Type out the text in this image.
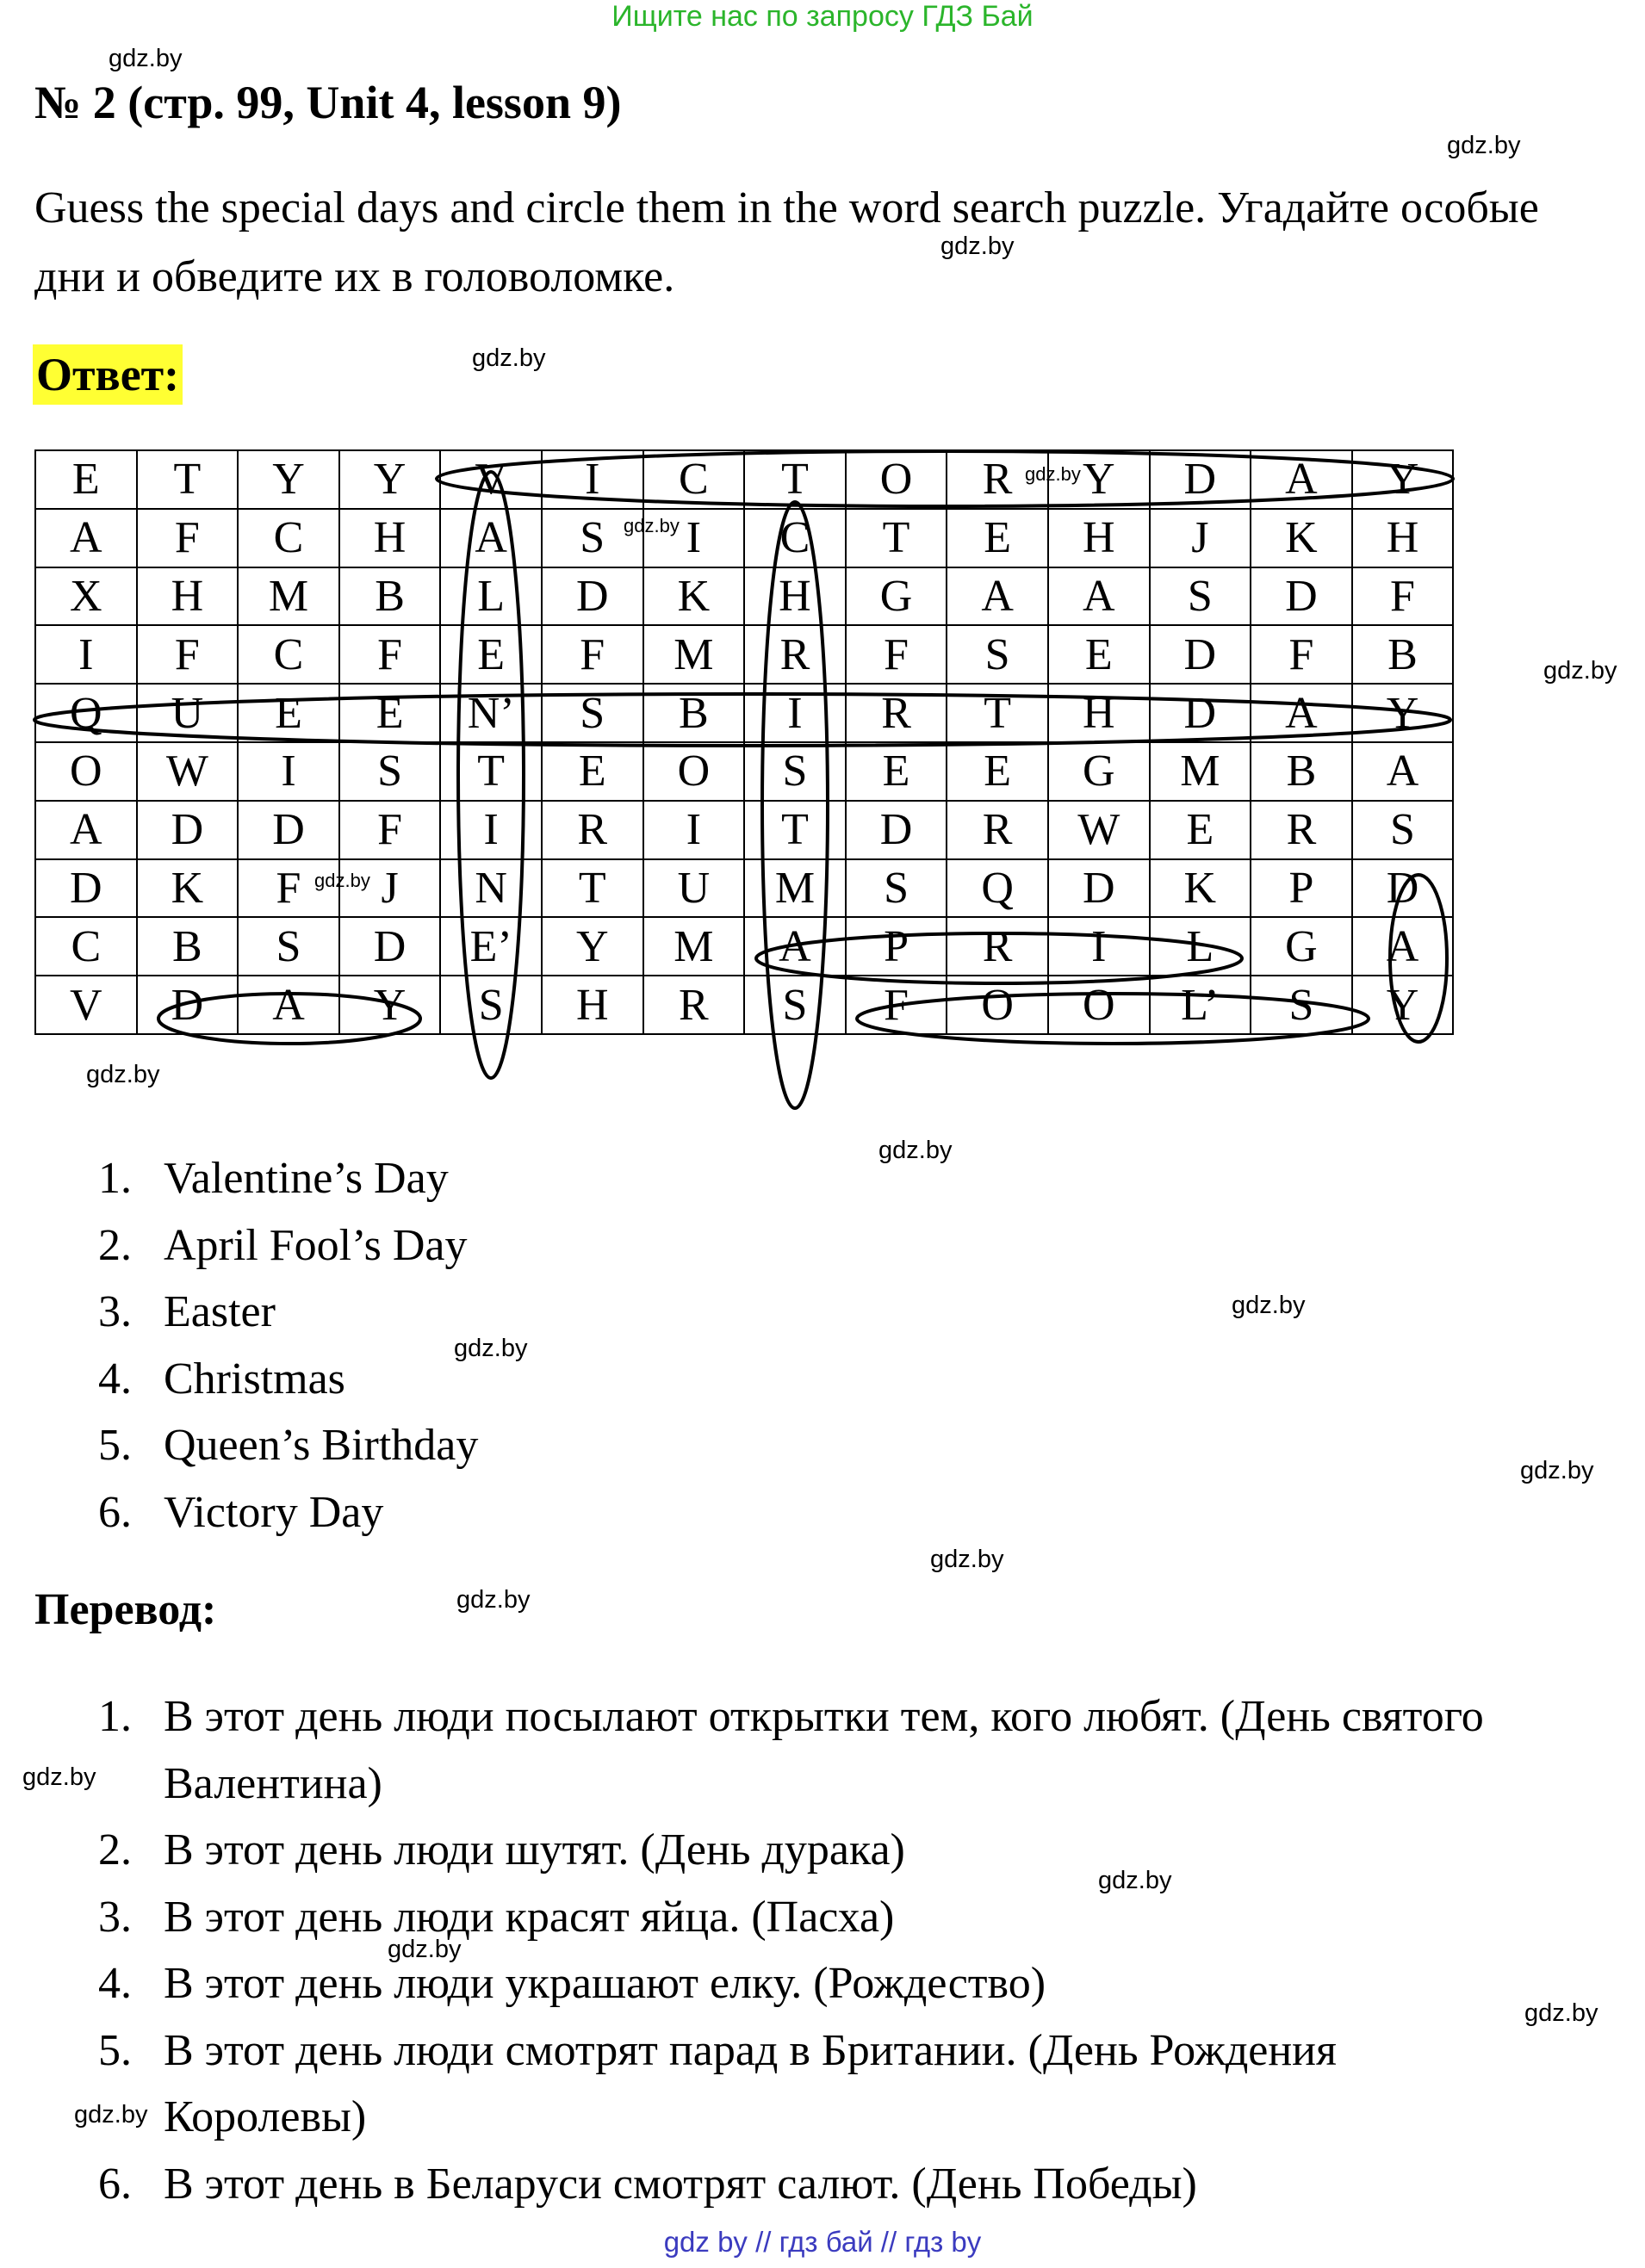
Ищите нас по запросу ГДЗ Бай
gdz.by
№ 2 (стр. 99, Unit 4, lesson 9)
gdz.by
Guess the special days and circle them in the word search puzzle. Угадайте особые дни и обведите их в головоломке.
gdz.by
Ответ:	gdz.by
E	T	Y	Y	V	I	C	T	O	R	Y	D	A	Y
A	F	C	H	A	S	I	C	T	E	H	J	K	H
X	H	M	B	L	D	K	H	G	A	A	S	D	F
I	F	C	F	E	F	M	R	F	S	E	D	F	B
Q	U	E	E	N’	S	B	I	R	T	H	D	A	Y
O	W	I	S	T	E	O	S	E	E	G	M	B	A
A	D	D	F	I	R	I	T	D	R	W	E	R	S
D	K	F	J	N	T	U	M	S	Q	D	K	P	D
C	B	S	D	E’	Y	M	A	P	R	I	L	G	A
V	D	A	Y	S	H	R	S	F	O	O	L’	S	Y
gdz.by
gdz.by
gdz.by
gdz.by
gdz.by
1. Valentine’s Day
2. April Fool’s Day
3. Easter
4. Christmas
5. Queen’s Birthday
6. Victory Day
gdz.by
gdz.by
gdz.by
gdz.by
gdz.by
Перевод:	gdz.by
1. В этот день люди посылают открытки тем, кого любят. (День святого Валентина)
2. В этот день люди шутят. (День дурака)
3. В этот день люди красят яйца. (Пасха)
4. В этот день люди украшают елку. (Рождество)
5. В этот день люди смотрят парад в Британии. (День Рождения Королевы)
6. В этот день в Беларуси смотрят салют. (День Победы)
gdz.by
gdz.by
gdz.by
gdz.by
gdz.by
gdz by // гдз бай // гдз by
